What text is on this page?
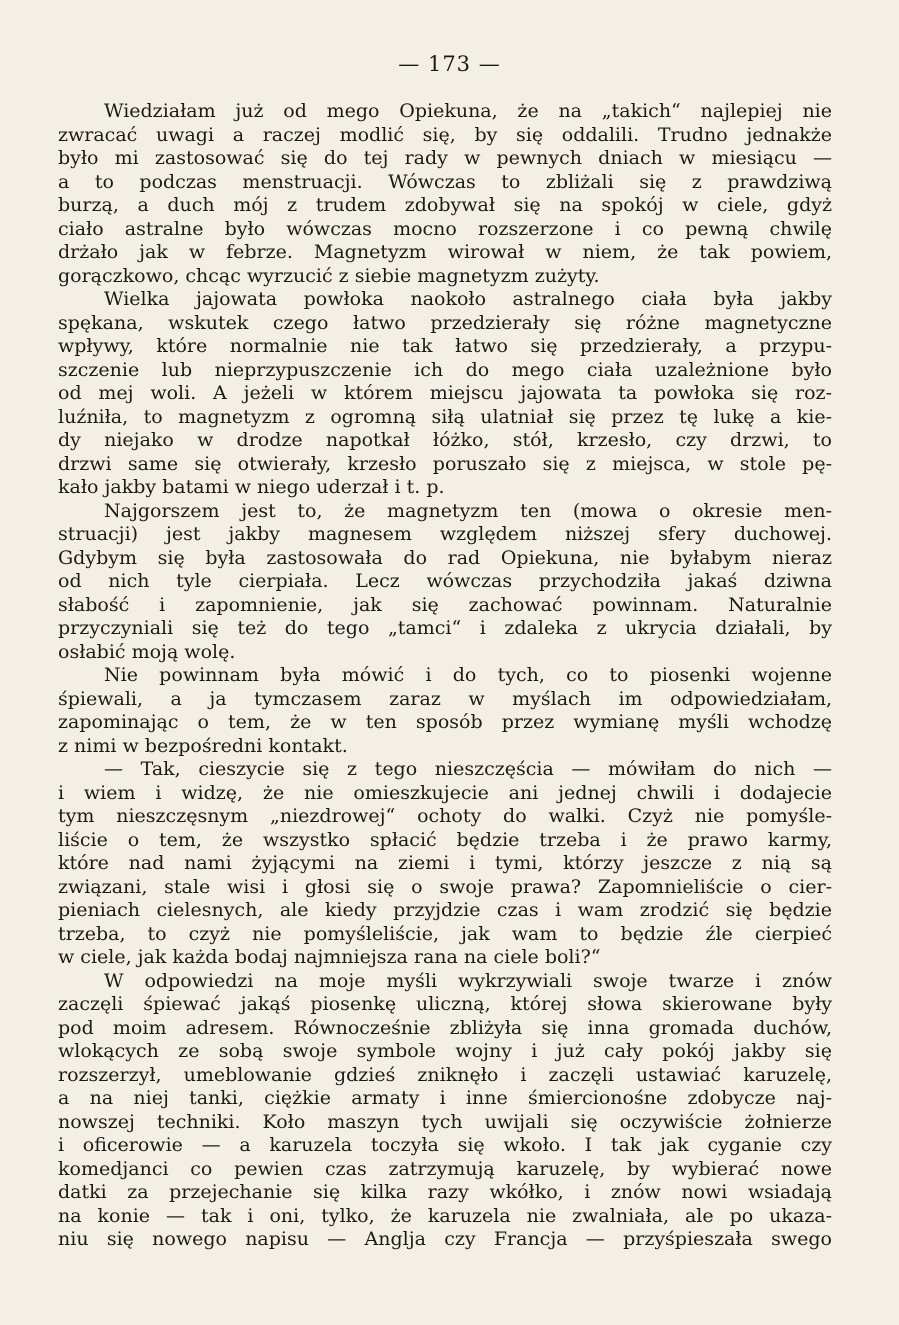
— 173 —
Wiedziałam już od mego Opiekuna, że na „takich“ najlepiej nie
zwracać uwagi a raczej modlić się, by się oddalili. Trudno jednakże
było mi zastosować się do tej rady w pewnych dniach w miesiącu —
a to podczas menstruacji. Wówczas to zbliżali się z prawdziwą
burzą, a duch mój z trudem zdobywał się na spokój w ciele, gdyż
ciało astralne było wówczas mocno rozszerzone i co pewną chwilę
drżało jak w febrze. Magnetyzm wirował w niem, że tak powiem,
gorączkowo, chcąc wyrzucić z siebie magnetyzm zużyty.
Wielka jajowata powłoka naokoło astralnego ciała była jakby
spękana, wskutek czego łatwo przedzierały się różne magnetyczne
wpływy, które normalnie nie tak łatwo się przedzierały, a przypu-
szczenie lub nieprzypuszczenie ich do mego ciała uzależnione było
od mej woli. A jeżeli w którem miejscu jajowata ta powłoka się roz-
luźniła, to magnetyzm z ogromną siłą ulatniał się przez tę lukę a kie-
dy niejako w drodze napotkał łóżko, stół, krzesło, czy drzwi, to
drzwi same się otwierały, krzesło poruszało się z miejsca, w stole pę-
kało jakby batami w niego uderzał i t. p.
Najgorszem jest to, że magnetyzm ten (mowa o okresie men-
struacji) jest jakby magnesem względem niższej sfery duchowej.
Gdybym się była zastosowała do rad Opiekuna, nie byłabym nieraz
od nich tyle cierpiała. Lecz wówczas przychodziła jakaś dziwna
słabość i zapomnienie, jak się zachować powinnam. Naturalnie
przyczyniali się też do tego „tamci“ i zdaleka z ukrycia działali, by
osłabić moją wolę.
Nie powinnam była mówić i do tych, co to piosenki wojenne
śpiewali, a ja tymczasem zaraz w myślach im odpowiedziałam,
zapominając o tem, że w ten sposób przez wymianę myśli wchodzę
z nimi w bezpośredni kontakt.
— Tak, cieszycie się z tego nieszczęścia — mówiłam do nich —
i wiem i widzę, że nie omieszkujecie ani jednej chwili i dodajecie
tym nieszczęsnym „niezdrowej“ ochoty do walki. Czyż nie pomyśle-
liście o tem, że wszystko spłacić będzie trzeba i że prawo karmy,
które nad nami żyjącymi na ziemi i tymi, którzy jeszcze z nią są
związani, stale wisi i głosi się o swoje prawa? Zapomnieliście o cier-
pieniach cielesnych, ale kiedy przyjdzie czas i wam zrodzić się będzie
trzeba, to czyż nie pomyśleliście, jak wam to będzie źle cierpieć
w ciele, jak każda bodaj najmniejsza rana na ciele boli?“
W odpowiedzi na moje myśli wykrzywiali swoje twarze i znów
zaczęli śpiewać jakąś piosenkę uliczną, której słowa skierowane były
pod moim adresem. Równocześnie zbliżyła się inna gromada duchów,
wlokących ze sobą swoje symbole wojny i już cały pokój jakby się
rozszerzył, umeblowanie gdzieś zniknęło i zaczęli ustawiać karuzelę,
a na niej tanki, ciężkie armaty i inne śmiercionośne zdobycze naj-
nowszej techniki. Koło maszyn tych uwijali się oczywiście żołnierze
i oficerowie — a karuzela toczyła się wkoło. I tak jak cyganie czy
komedjanci co pewien czas zatrzymują karuzelę, by wybierać nowe
datki za przejechanie się kilka razy wkółko, i znów nowi wsiadają
na konie — tak i oni, tylko, że karuzela nie zwalniała, ale po ukaza-
niu się nowego napisu — Anglja czy Francja — przyśpieszała swego
